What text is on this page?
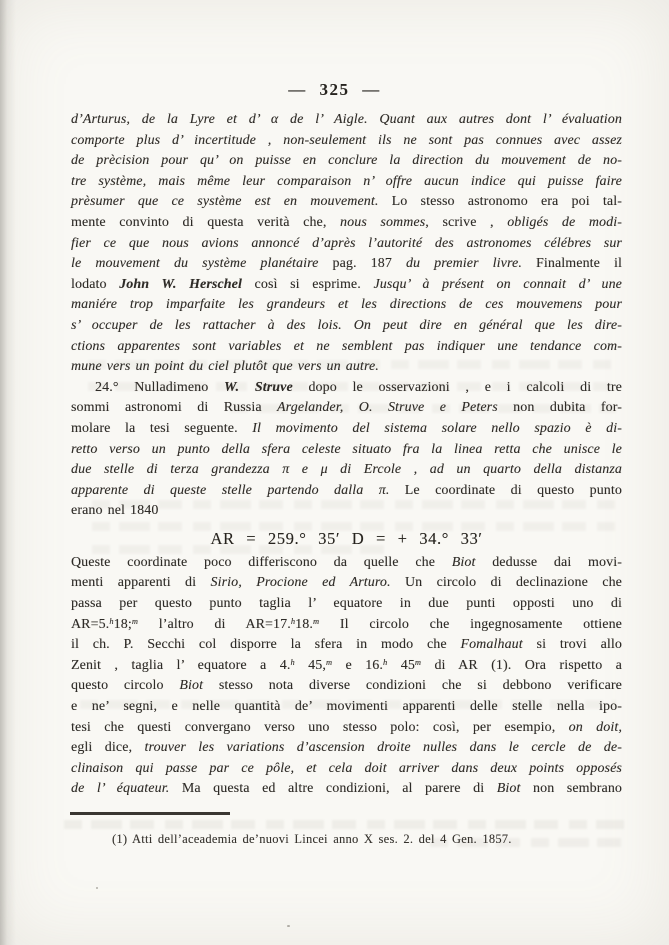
— 325 —
d’Arturus, de la Lyre et d’ α de l’ Aigle. Quant aux autres dont l’ évaluation
comporte plus d’ incertitude , non-seulement ils ne sont pas connues avec assez
de prècision pour qu’ on puisse en conclure la direction du mouvement de no-
tre système, mais même leur comparaison n’ offre aucun indice qui puisse faire
prèsumer que ce système est en mouvement. Lo stesso astronomo era poi tal-
mente convinto di questa verità che, nous sommes, scrive , obligés de modi-
fier ce que nous avions annoncé d’après l’autorité des astronomes célébres sur
le mouvement du système planétaire pag. 187 du premier livre. Finalmente il
lodato John W. Herschel così si esprime. Jusqu’ à présent on connait d’ une
maniére trop imparfaite les grandeurs et les directions de ces mouvemens pour
s’ occuper de les rattacher à des lois. On peut dire en général que les dire-
ctions apparentes sont variables et ne semblent pas indiquer une tendance com-
mune vers un point du ciel plutôt que vers un autre.
24.° Nulladimeno W. Struve dopo le osservazioni , e i calcoli di tre
sommi astronomi di Russia Argelander, O. Struve e Peters non dubita for-
molare la tesi seguente. Il movimento del sistema solare nello spazio è di-
retto verso un punto della sfera celeste situato fra la linea retta che unisce le
due stelle di terza grandezza π e μ di Ercole , ad un quarto della distanza
apparente di queste stelle partendo dalla π. Le coordinate di questo punto
erano nel 1840
AR = 259.° 35′ D = + 34.° 33′
Queste coordinate poco differiscono da quelle che Biot dedusse dai movi-
menti apparenti di Sirio, Procione ed Arturo. Un circolo di declinazione che
passa per questo punto taglia l’ equatore in due punti opposti uno di
AR=5.$^h$18;$^m$ l’altro di AR=17.$^h$18.$^m$ Il circolo che ingegnosamente ottiene
il ch. P. Secchi col disporre la sfera in modo che Fomalhaut si trovi allo
Zenit , taglia l’ equatore a 4.$^h$ 45,$^m$ e 16.$^h$ 45$^m$ di AR (1). Ora rispetto a
questo circolo Biot stesso nota diverse condizioni che si debbono verificare
e ne’ segni, e nelle quantità de’ movimenti apparenti delle stelle nella ipo-
tesi che questi convergano verso uno stesso polo: così, per esempio, on doit,
egli dice, trouver les variations d’ascension droite nulles dans le cercle de de-
clinaison qui passe par ce pôle, et cela doit arriver dans deux points opposés
de l’ équateur. Ma questa ed altre condizioni, al parere di Biot non sembrano
(1) Atti dell’aceademia de’nuovi Lincei anno X ses. 2. del 4 Gen. 1857.
